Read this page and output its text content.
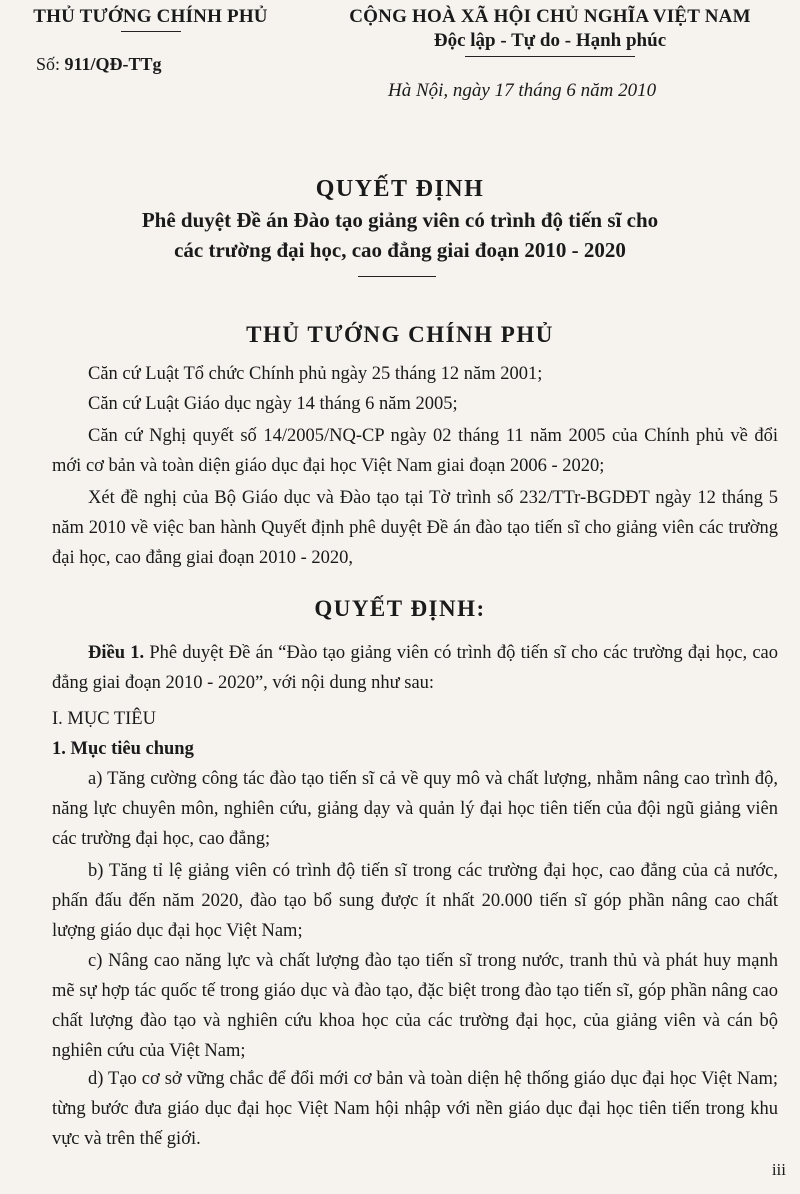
THỦ TƯỚNG CHÍNH PHỦ
Số: 911/QĐ-TTg
CỘNG HOÀ XÃ HỘI CHỦ NGHĨA VIỆT NAM
Độc lập - Tự do - Hạnh phúc
Hà Nội, ngày 17 tháng 6 năm 2010
QUYẾT ĐỊNH
Phê duyệt Đề án Đào tạo giảng viên có trình độ tiến sĩ cho
các trường đại học, cao đẳng giai đoạn 2010 - 2020
THỦ TƯỚNG CHÍNH PHỦ
Căn cứ Luật Tổ chức Chính phủ ngày 25 tháng 12 năm 2001;
Căn cứ Luật Giáo dục ngày 14 tháng 6 năm 2005;
Căn cứ Nghị quyết số 14/2005/NQ-CP ngày 02 tháng 11 năm 2005 của Chính phủ về đổi mới cơ bản và toàn diện giáo dục đại học Việt Nam giai đoạn 2006 - 2020;
Xét đề nghị của Bộ Giáo dục và Đào tạo tại Tờ trình số 232/TTr-BGDĐT ngày 12 tháng 5 năm 2010 về việc ban hành Quyết định phê duyệt Đề án đào tạo tiến sĩ cho giảng viên các trường đại học, cao đẳng giai đoạn 2010 - 2020,
QUYẾT ĐỊNH:
Điều 1. Phê duyệt Đề án “Đào tạo giảng viên có trình độ tiến sĩ cho các trường đại học, cao đẳng giai đoạn 2010 - 2020”, với nội dung như sau:
I. MỤC TIÊU
1. Mục tiêu chung
a) Tăng cường công tác đào tạo tiến sĩ cả về quy mô và chất lượng, nhằm nâng cao trình độ, năng lực chuyên môn, nghiên cứu, giảng dạy và quản lý đại học tiên tiến của đội ngũ giảng viên các trường đại học, cao đẳng;
b) Tăng tỉ lệ giảng viên có trình độ tiến sĩ trong các trường đại học, cao đẳng của cả nước, phấn đấu đến năm 2020, đào tạo bổ sung được ít nhất 20.000 tiến sĩ góp phần nâng cao chất lượng giáo dục đại học Việt Nam;
c) Nâng cao năng lực và chất lượng đào tạo tiến sĩ trong nước, tranh thủ và phát huy mạnh mẽ sự hợp tác quốc tế trong giáo dục và đào tạo, đặc biệt trong đào tạo tiến sĩ, góp phần nâng cao chất lượng đào tạo và nghiên cứu khoa học của các trường đại học, của giảng viên và cán bộ nghiên cứu của Việt Nam;
d) Tạo cơ sở vững chắc để đổi mới cơ bản và toàn diện hệ thống giáo dục đại học Việt Nam; từng bước đưa giáo dục đại học Việt Nam hội nhập với nền giáo dục đại học tiên tiến trong khu vực và trên thế giới.
iii
